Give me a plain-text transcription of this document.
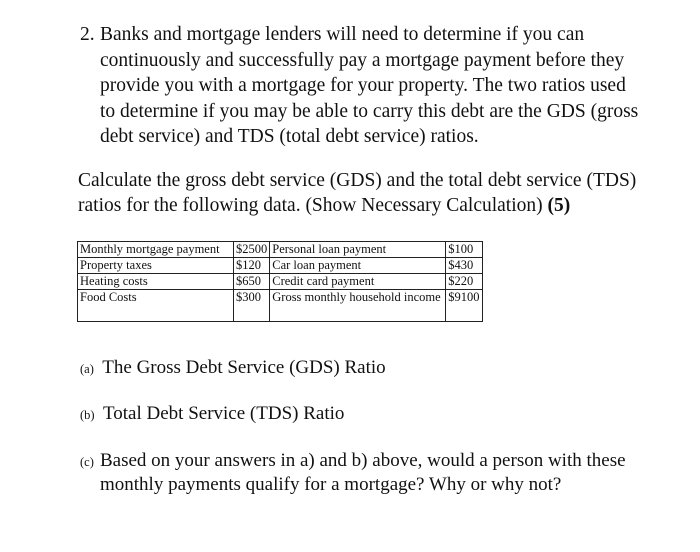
2. Banks and mortgage lenders will need to determine if you can continuously and successfully pay a mortgage payment before they provide you with a mortgage for your property. The two ratios used to determine if you may be able to carry this debt are the GDS (gross debt service) and TDS (total debt service) ratios.
Calculate the gross debt service (GDS) and the total debt service (TDS) ratios for the following data. (Show Necessary Calculation) (5)
Monthly mortgage payment	$2500	Personal loan payment	$100
Property taxes	$120	Car loan payment	$430
Heating costs	$650	Credit card payment	$220
Food Costs	$300	Gross monthly household income	$9100
(a) The Gross Debt Service (GDS) Ratio
(b) Total Debt Service (TDS) Ratio
(c) Based on your answers in a) and b) above, would a person with these monthly payments qualify for a mortgage? Why or why not?
